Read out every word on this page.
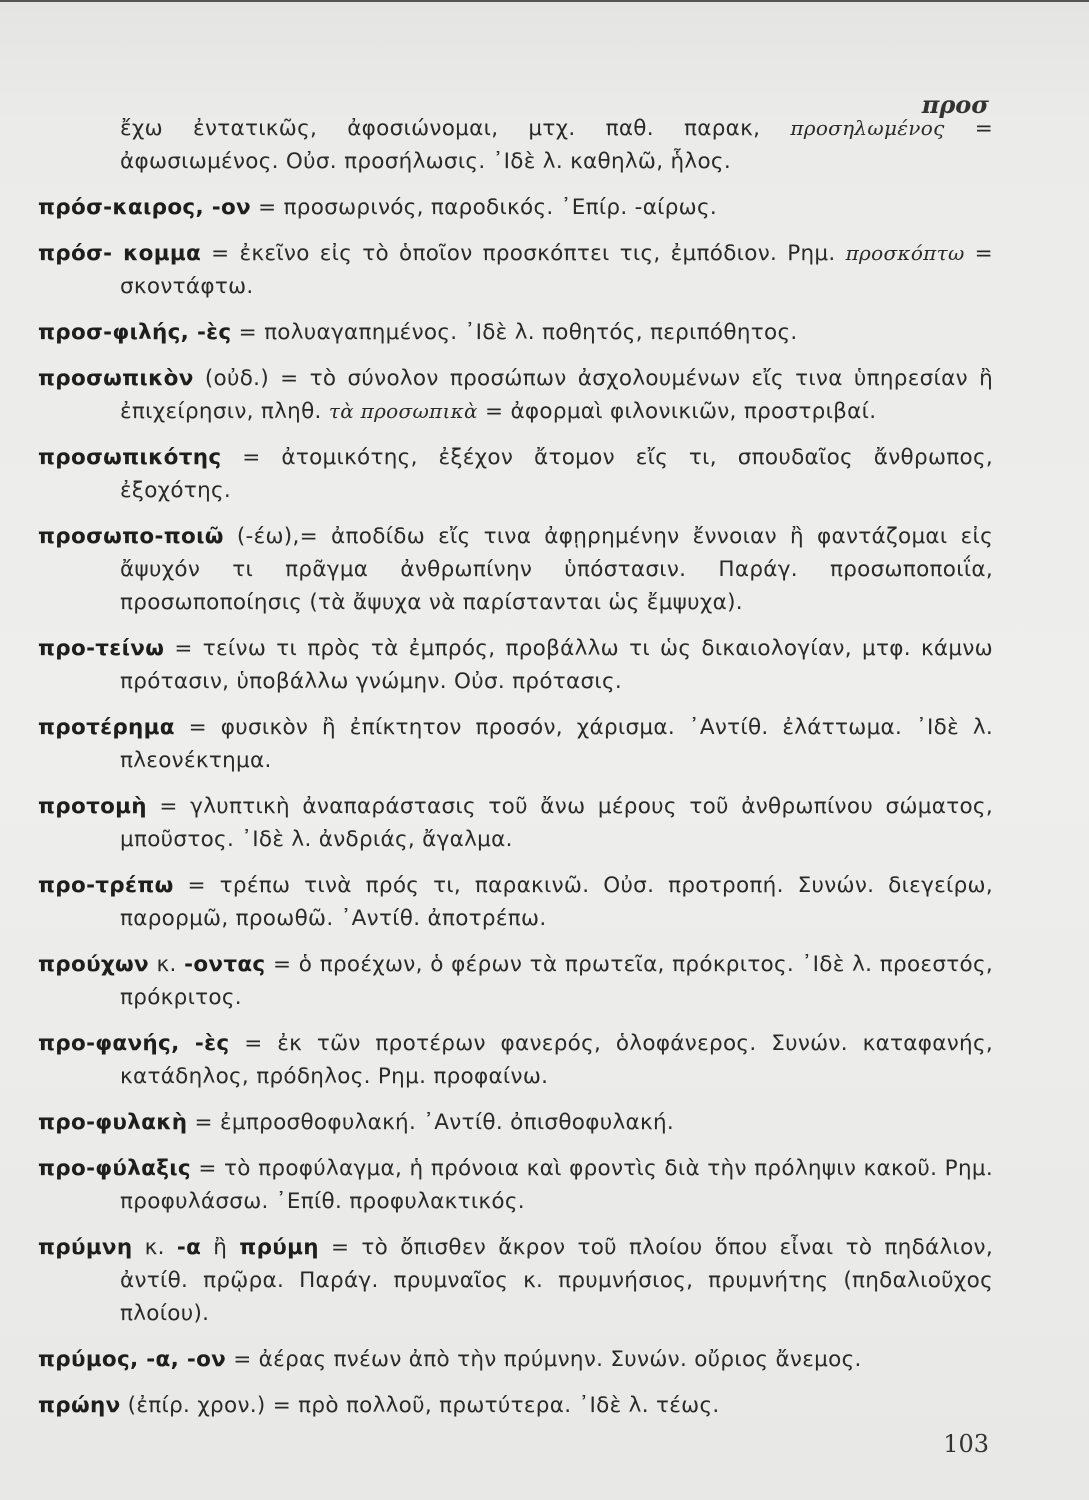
προσ

ἔχω ἐντατικῶς, ἀφοσιώνομαι, μτχ. παθ. παρακ, προσηλωμένος = ἀφωσιωμένος. Οὐσ. προσήλωσις. ᾿Ιδὲ λ. καθηλῶ, ἧλος.

πρόσ-καιρος, -ον = προσωρινός, παροδικός. ᾿Επίρ. -αίρως.

πρόσ- κομμα = ἐκεῖνο εἰς τὸ ὁποῖον προσκόπτει τις, ἐμπόδιον. Ρημ. προσκόπτω = σκοντάφτω.

προσ-φιλής, -ὲς = πολυαγαπημένος. ᾿Ιδὲ λ. ποθητός, περιπόθητος.

προσωπικὸν (οὐδ.) = τὸ σύνολον προσώπων ἀσχολουμένων εἴς τινα ὑπηρεσίαν ἢ ἐπιχείρησιν, πληθ. τὰ προσωπικὰ = ἀφορμαὶ φιλονικιῶν, προστριβαί.

προσωπικότης = ἀτομικότης, ἐξέχον ἄτομον εἴς τι, σπουδαῖος ἄνθρωπος, ἐξοχότης.

προσωπο-ποιῶ (-έω),= ἀποδίδω εἴς τινα ἀφῃρημένην ἔννοιαν ἢ φαντάζομαι εἰς ἄψυχόν τι πρᾶγμα ἀνθρωπίνην ὑπόστασιν. Παράγ. προσωποποιΐα, προσωποποίησις (τὰ ἄψυχα νὰ παρίστανται ὡς ἔμψυχα).

προ-τείνω = τείνω τι πρὸς τὰ ἐμπρός, προβάλλω τι ὡς δικαιολογίαν, μτφ. κάμνω πρότασιν, ὑποβάλλω γνώμην. Οὐσ. πρότασις.

προτέρημα = φυσικὸν ἢ ἐπίκτητον προσόν, χάρισμα. ᾿Αντίθ. ἐλάττωμα. ᾿Ιδὲ λ. πλεονέκτημα.

προτομὴ = γλυπτικὴ ἀναπαράστασις τοῦ ἄνω μέρους τοῦ ἀνθρωπίνου σώματος, μποῦστος. ᾿Ιδὲ λ. ἀνδριάς, ἄγαλμα.

προ-τρέπω = τρέπω τινὰ πρός τι, παρακινῶ. Οὐσ. προτροπή. Συνών. διεγείρω, παρορμῶ, προωθῶ. ᾿Αντίθ. ἀποτρέπω.

προύχων κ. -οντας = ὁ προέχων, ὁ φέρων τὰ πρωτεῖα, πρόκριτος. ᾿Ιδὲ λ. προεστός, πρόκριτος.

προ-φανής, -ὲς = ἐκ τῶν προτέρων φανερός, ὁλοφάνερος. Συνών. καταφανής, κατάδηλος, πρόδηλος. Ρημ. προφαίνω.

προ-φυλακὴ = ἐμπροσθοφυλακή. ᾿Αντίθ. ὀπισθοφυλακή.

προ-φύλαξις = τὸ προφύλαγμα, ἡ πρόνοια καὶ φροντὶς διὰ τὴν πρόληψιν κακοῦ. Ρημ. προφυλάσσω. ᾿Επίθ. προφυλακτικός.

πρύμνη κ. -α ἢ πρύμη = τὸ ὄπισθεν ἄκρον τοῦ πλοίου ὅπου εἶναι τὸ πηδάλιον, ἀντίθ. πρῷρα. Παράγ. πρυμναῖος κ. πρυμνήσιος, πρυμνήτης (πηδαλιοῦχος πλοίου).

πρύμος, -α, -ον = ἀέρας πνέων ἀπὸ τὴν πρύμνην. Συνών. οὔριος ἄνεμος.

πρώην (ἐπίρ. χρον.) = πρὸ πολλοῦ, πρωτύτερα. ᾿Ιδὲ λ. τέως.

103
